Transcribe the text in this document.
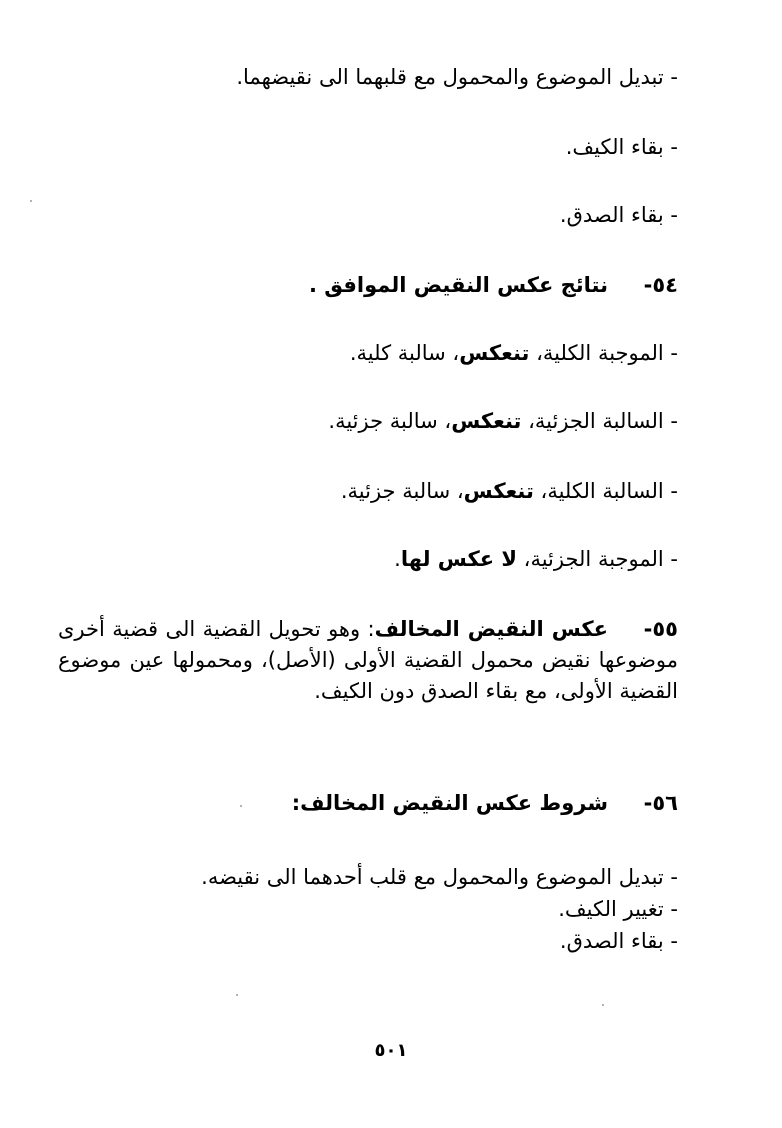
- تبديل الموضوع والمحمول مع قلبهما الى نقيضهما.
- بقاء الكيف.
- بقاء الصدق.
٥٤-نتائج عكس النقيض الموافق .
- الموجبة الكلية، تنعكس، سالبة كلية.
- السالبة الجزئية، تنعكس، سالبة جزئية.
- السالبة الكلية، تنعكس، سالبة جزئية.
- الموجبة الجزئية، لا عكس لها.
٥٥-عكس النقيض المخالف: وهو تحويل القضية الى قضية أخرى موضوعها نقيض محمول القضية الأولى (الأصل)، ومحمولها عين موضوع القضية الأولى، مع بقاء الصدق دون الكيف.
٥٦-شروط عكس النقيض المخالف:
- تبديل الموضوع والمحمول مع قلب أحدهما الى نقيضه.
- تغيير الكيف.
- بقاء الصدق.
٥٠١
